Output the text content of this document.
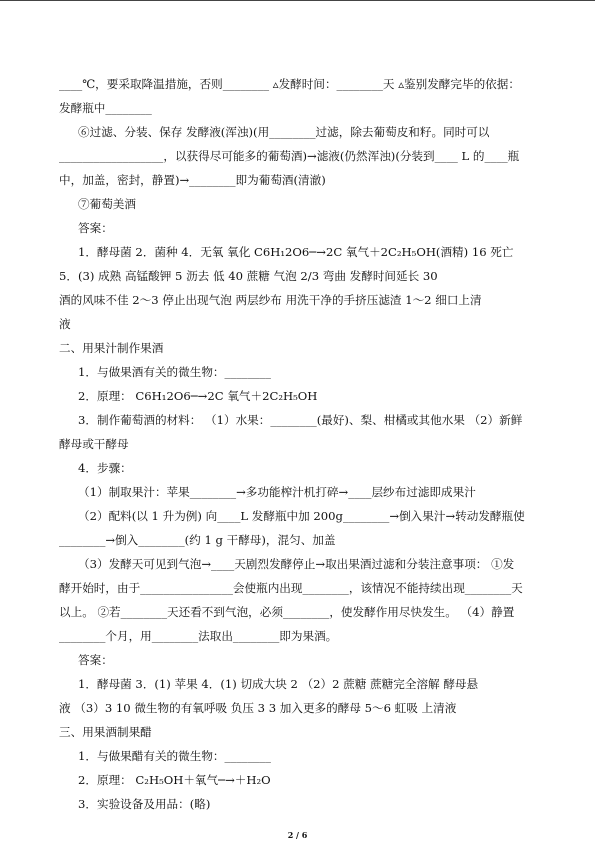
____℃，要采取降温措施，否则________ ▵发酵时间：________天 ▵鉴别发酵完毕的依据：
发酵瓶中________
⑥过滤、分装、保存 发酵液(浑浊)(用________过滤，除去葡萄皮和籽。同时可以
__________________，以获得尽可能多的葡萄酒)→滤液(仍然浑浊)(分装到____ L 的____瓶
中，加盖，密封，静置)→________即为葡萄酒(清澈)
⑦葡萄美酒
答案：
1．酵母菌 2．菌种 4．无氧 氧化 C6H₁2O6─→2C 氧气＋2C₂H₅OH(酒精) 16 死亡
5．(3) 成熟 高锰酸钾 5 沥去 低 40 蔗糖 气泡 2/3 弯曲 发酵时间延长 30
酒的风味不佳 2～3 停止出现气泡 两层纱布 用洗干净的手挤压滤渣 1～2 细口上清
液
二、用果汁制作果酒
1．与做果酒有关的微生物：________
2．原理： C6H₁2O6─→2C 氧气＋2C₂H₅OH
3．制作葡萄酒的材料： （1）水果：________(最好)、梨、柑橘或其他水果 （2）新鲜
酵母或干酵母
4．步骤：
（1）制取果汁：苹果________→多功能榨汁机打碎→____层纱布过滤即成果汁
（2）配料(以 1 升为例) 向____L 发酵瓶中加 200g________→倒入果汁→转动发酵瓶使
________→倒入________(约 1 g 干酵母)，混匀、加盖
（3）发酵天可见到气泡→____天剧烈发酵停止→取出果酒过滤和分装注意事项： ①发
酵开始时，由于________________会使瓶内出现________，该情况不能持续出现________天
以上。 ②若________天还看不到气泡，必须________，使发酵作用尽快发生。 （4）静置
________个月，用________法取出________即为果酒。
答案：
1．酵母菌 3．(1) 苹果 4．(1) 切成大块 2 （2）2 蔗糖 蔗糖完全溶解 酵母悬
液 （3）3 10 微生物的有氧呼吸 负压 3 3 加入更多的酵母 5～6 虹吸 上清液
三、用果酒制果醋
1．与做果醋有关的微生物：________
2．原理： C₂H₅OH＋氧气─→＋H₂O
3．实验设备及用品：(略)
2 / 6
